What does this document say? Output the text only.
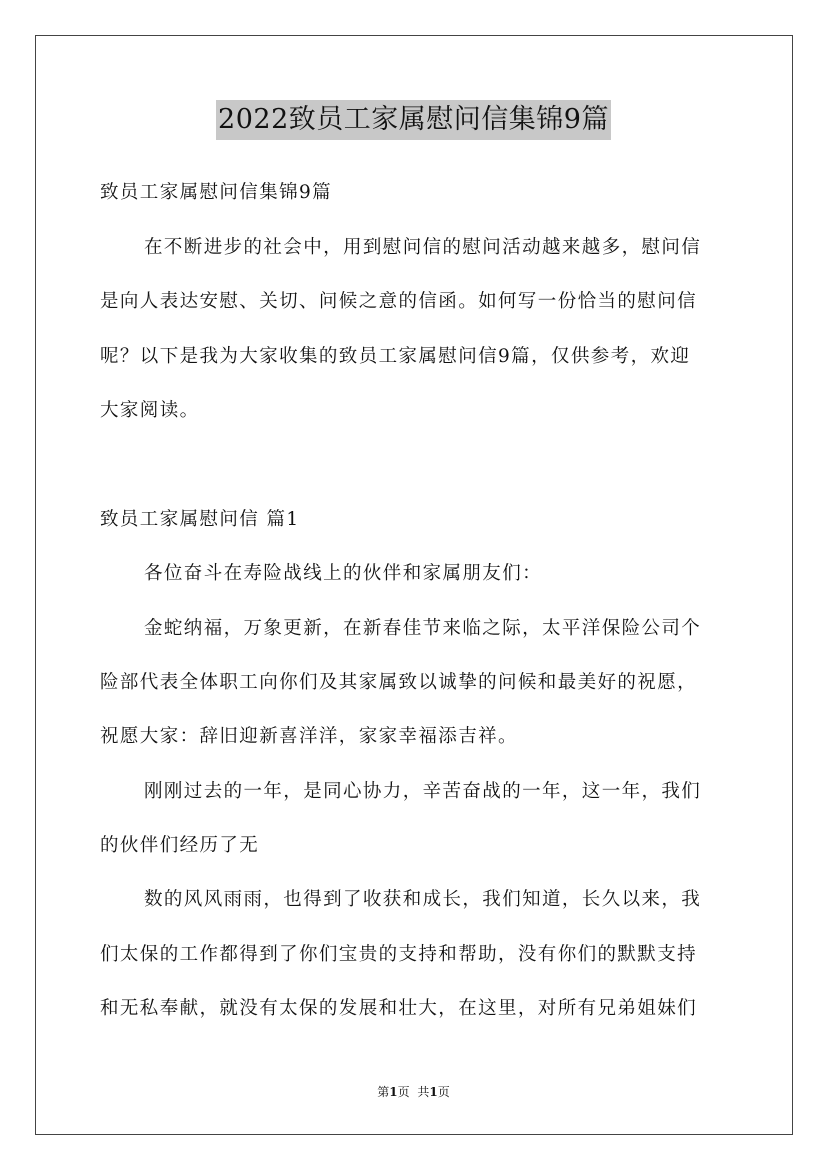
2022致员工家属慰问信集锦9篇
致员工家属慰问信集锦9篇
在不断进步的社会中，用到慰问信的慰问活动越来越多，慰问信
是向人表达安慰、关切、问候之意的信函。如何写一份恰当的慰问信
呢？以下是我为大家收集的致员工家属慰问信9篇，仅供参考，欢迎
大家阅读。
致员工家属慰问信 篇1
各位奋斗在寿险战线上的伙伴和家属朋友们：
金蛇纳福，万象更新，在新春佳节来临之际，太平洋保险公司个
险部代表全体职工向你们及其家属致以诚挚的问候和最美好的祝愿，
祝愿大家：辞旧迎新喜洋洋，家家幸福添吉祥。
刚刚过去的一年，是同心协力，辛苦奋战的一年，这一年，我们
的伙伴们经历了无
数的风风雨雨，也得到了收获和成长，我们知道，长久以来，我
们太保的工作都得到了你们宝贵的支持和帮助，没有你们的默默支持
和无私奉献，就没有太保的发展和壮大，在这里，对所有兄弟姐妹们
第1页 共1页
